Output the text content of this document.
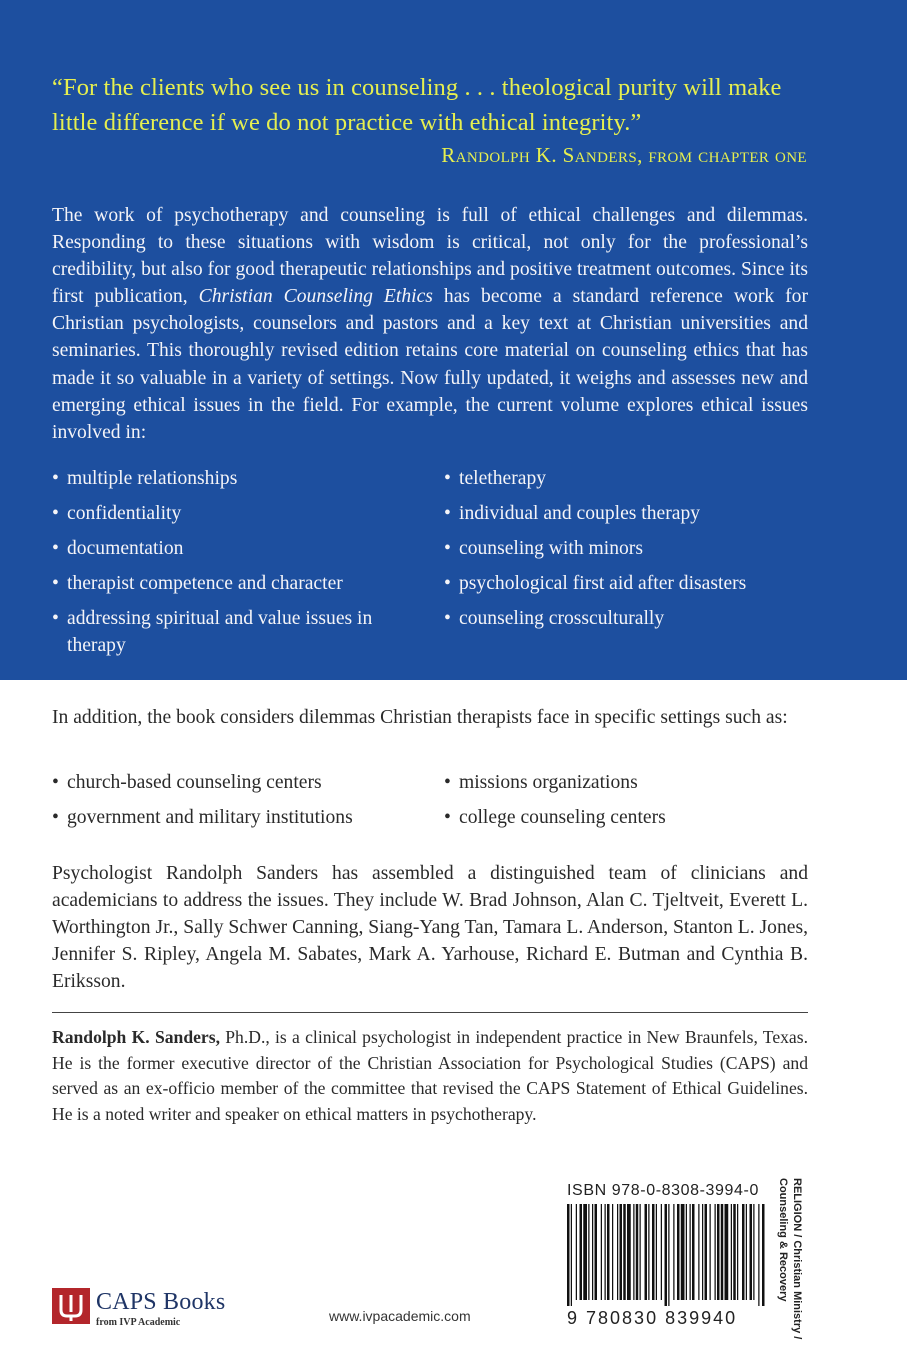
“For the clients who see us in counseling . . . theological purity will make little difference if we do not practice with ethical integrity.”
Randolph K. Sanders, from chapter one
The work of psychotherapy and counseling is full of ethical challenges and dilemmas. Responding to these situations with wisdom is critical, not only for the professional’s credibility, but also for good therapeutic relationships and positive treatment outcomes. Since its first publication, Christian Counseling Ethics has become a standard reference work for Christian psychologists, counselors and pastors and a key text at Christian universities and seminaries. This thoroughly revised edition retains core material on counseling ethics that has made it so valuable in a variety of settings. Now fully updated, it weighs and assesses new and emerging ethical issues in the field. For example, the current volume explores ethical issues involved in:
• multiple relationships
• confidentiality
• documentation
• therapist competence and character
• addressing spiritual and value issues in therapy
• teletherapy
• individual and couples therapy
• counseling with minors
• psychological first aid after disasters
• counseling crossculturally
In addition, the book considers dilemmas Christian therapists face in specific settings such as:
• church-based counseling centers
• government and military institutions
• missions organizations
• college counseling centers
Psychologist Randolph Sanders has assembled a distinguished team of clinicians and academicians to address the issues. They include W. Brad Johnson, Alan C. Tjeltveit, Everett L. Worthington Jr., Sally Schwer Canning, Siang-Yang Tan, Tamara L. Anderson, Stanton L. Jones, Jennifer S. Ripley, Angela M. Sabates, Mark A. Yarhouse, Richard E. Butman and Cynthia B. Eriksson.
Randolph K. Sanders, Ph.D., is a clinical psychologist in independent practice in New Braunfels, Texas. He is the former executive director of the Christian Association for Psychological Studies (CAPS) and served as an ex-officio member of the committee that revised the CAPS Statement of Ethical Guidelines. He is a noted writer and speaker on ethical matters in psychotherapy.
ISBN 978-0-8308-3994-0
9 780830 839940	RELIGION / Christian Ministry / Counseling & Recovery
CAPS Books
from IVP Academic	www.ivpacademic.com
